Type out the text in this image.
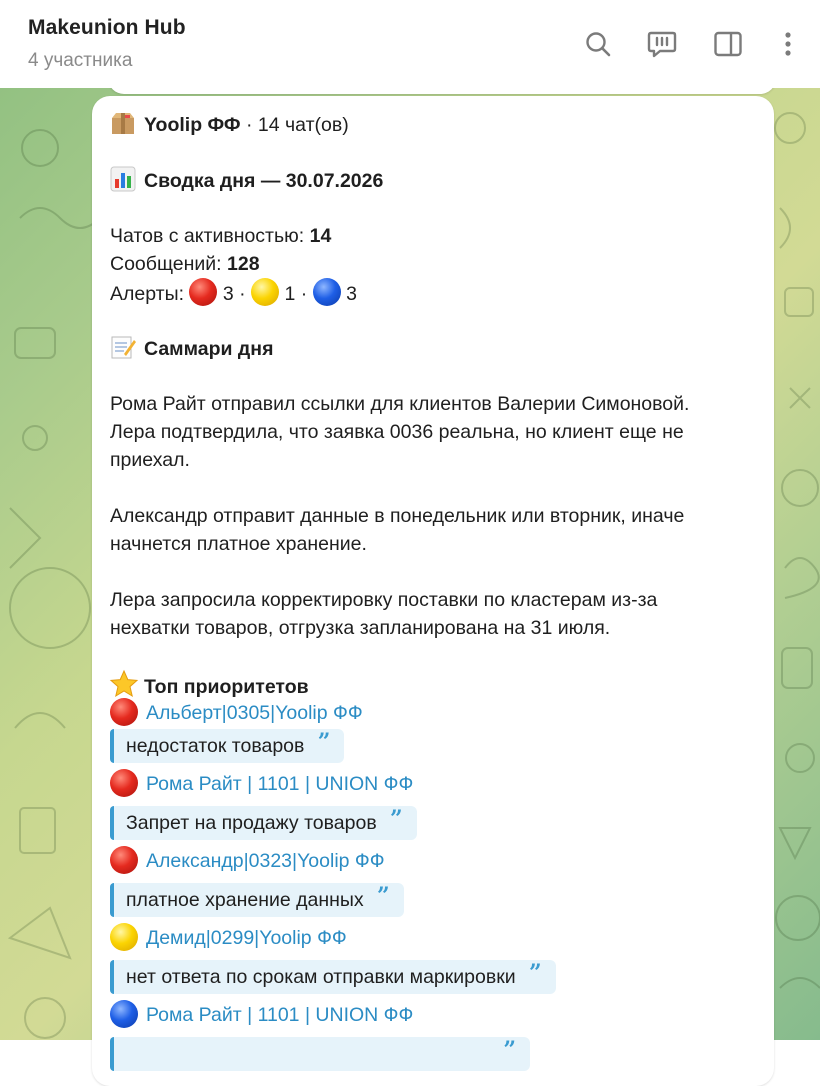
Makeunion Hub
4 участника
Yoolip ФФ · 14 чат(ов)
Сводка дня — 30.07.2026
Чатов с активностью: 14
Сообщений: 128
Алерты:  3 · 1 · 3
Саммари дня
Рома Райт отправил ссылки для клиентов Валерии Симоновой.
Лера подтвердила, что заявка 0036 реальна, но клиент еще не
приехал.
Александр отправит данные в понедельник или вторник, иначе
начнется платное хранение.
Лера запросила корректировку поставки по кластерам из-за
нехватки товаров, отгрузка запланирована на 31 июля.
Топ приоритетов
Альберт|0305|Yoolip ФФ
недостаток товаров ”
Рома Райт | 1101 | UNION ФФ
Запрет на продажу товаров ”
Александр|0323|Yoolip ФФ
платное хранение данных ”
Демид|0299|Yoolip ФФ
нет ответа по срокам отправки маркировки ”
Рома Райт | 1101 | UNION ФФ
”
